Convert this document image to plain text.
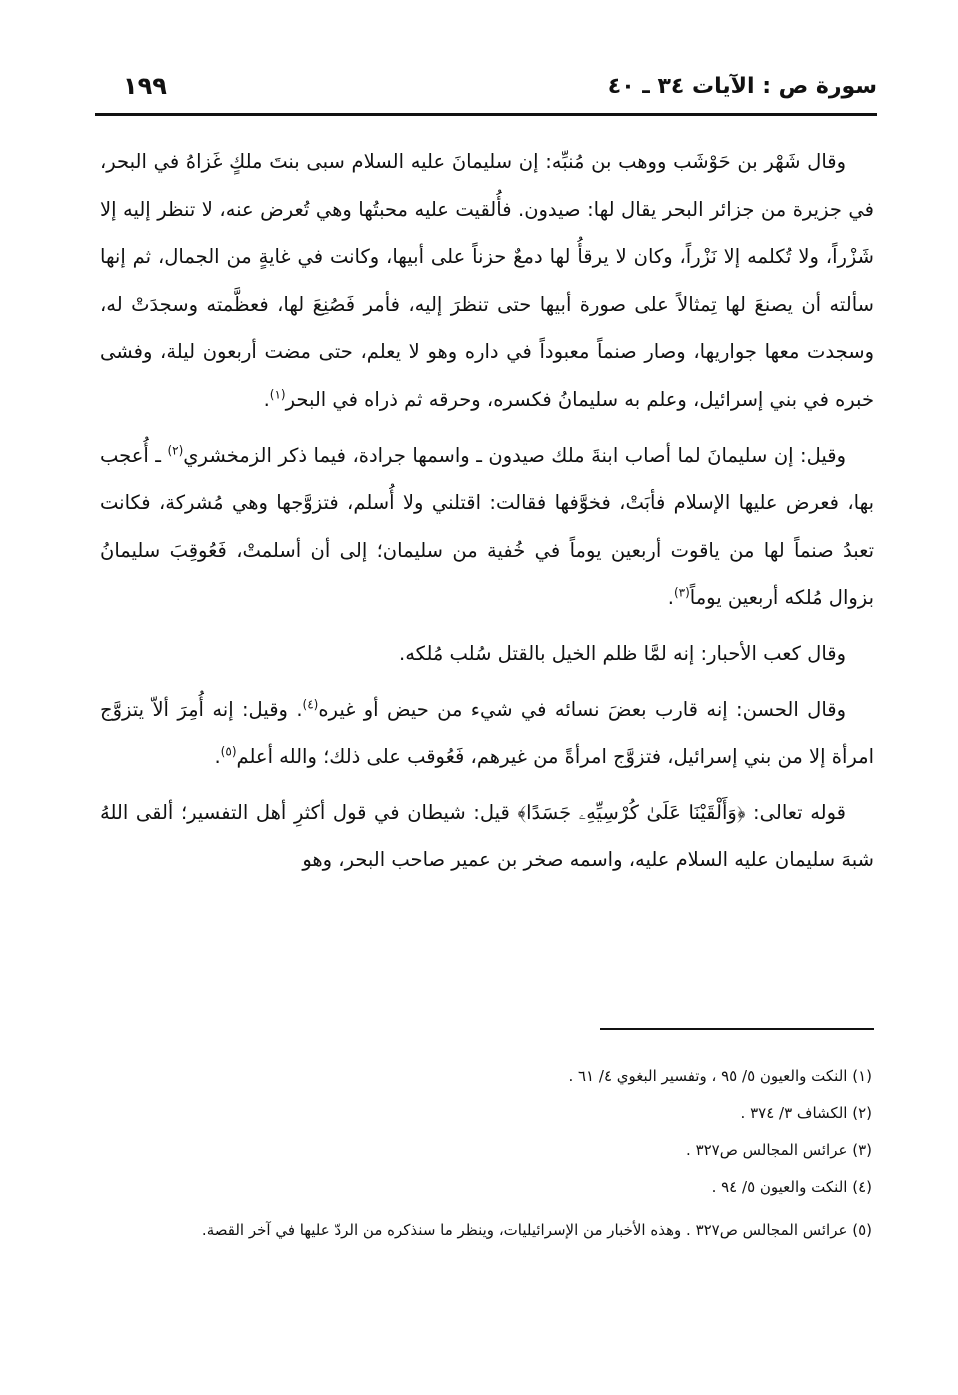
سورة ص : الآيات ٣٤ ـ ٤٠
١٩٩

وقال شَهْر بن حَوْشَب ووهب بن مُنبِّه: إن سليمانَ عليه السلام سبى بنتَ ملكٍ غَزاهُ في البحر، في جزيرة من جزائر البحر يقال لها: صيدون. فأُلقيت عليه محبتُها وهي تُعرض عنه، لا تنظر إليه إلا شَزْراً، ولا تُكلمه إلا نَزْراً، وكان لا يرقأُ لها دمعٌ حزناً على أبيها، وكانت في غايةٍ من الجمال، ثم إنها سألته أن يصنعَ لها تِمثالاً على صورة أبيها حتى تنظرَ إليه، فأمر فَصُنِعَ لها، فعظَّمته وسجدَتْ له، وسجدت معها جواريها، وصار صنماً معبوداً في داره وهو لا يعلم، حتى مضت أربعون ليلة، وفشى خبره في بني إسرائيل، وعلم به سليمانُ فكسره، وحرقه ثم ذراه في البحر$^{(١)}$.

وقيل: إن سليمانَ لما أصاب ابنةَ ملك صيدون ـ واسمها جرادة، فيما ذكر الزمخشري$^{(٢)}$ ـ أُعجب بها، فعرض عليها الإسلام فأبَتْ، فخوَّفها فقالت: اقتلني ولا أُسلم، فتزوَّجها وهي مُشركة، فكانت تعبدُ صنماً لها من ياقوت أربعين يوماً في خُفية من سليمان؛ إلى أن أسلمتْ، فَعُوقِبَ سليمانُ بزوال مُلكه أربعين يوماً$^{(٣)}$.

وقال كعب الأحبار: إنه لمَّا ظلم الخيل بالقتل سُلب مُلكه.

وقال الحسن: إنه قارب بعضَ نسائه في شيء من حيض أو غيره$^{(٤)}$. وقيل: إنه أُمِرَ ألاّ يتزوَّج امرأة إلا من بني إسرائيل، فتزوَّج امرأةً من غيرهم، فَعُوقب على ذلك؛ والله أعلم$^{(٥)}$.

قوله تعالى: ﴿وَأَلْقَيْنَا عَلَىٰ كُرْسِيِّهِۦ جَسَدًا﴾ قيل: شيطان في قول أكثرِ أهل التفسير؛ ألقى اللهُ شبهَ سليمان عليه السلام عليه، واسمه صخر بن عمير صاحب البحر، وهو

(١) النكت والعيون ٥/ ٩٥ ، وتفسير البغوي ٤/ ٦١ .

(٢) الكشاف ٣/ ٣٧٤ .

(٣) عرائس المجالس ص٣٢٧ .

(٤) النكت والعيون ٥/ ٩٤ .

(٥) عرائس المجالس ص٣٢٧ . وهذه الأخبار من الإسرائيليات، وينظر ما سنذكره من الردّ عليها في آخر القصة.
